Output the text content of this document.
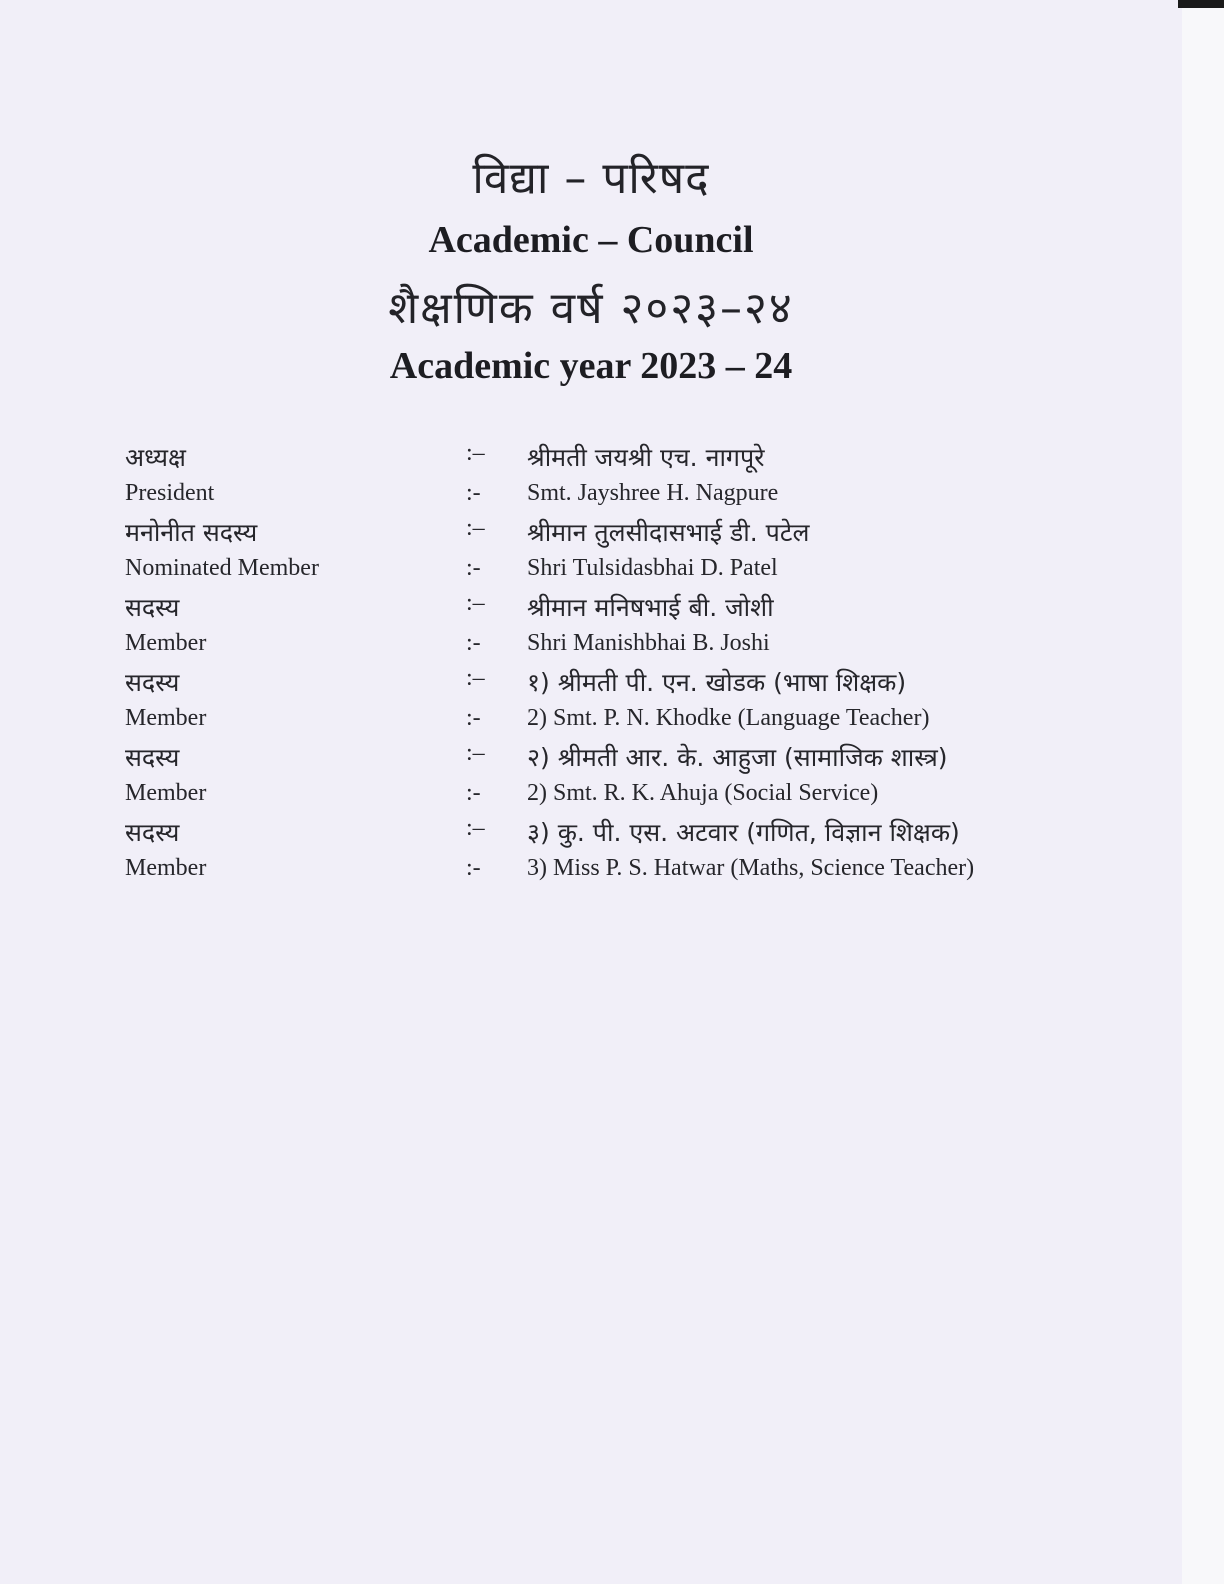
विद्या – परिषद
Academic – Council
शैक्षणिक वर्ष २०२३–२४
Academic year 2023 – 24
अध्यक्ष	:– श्रीमती जयश्री एच. नागपूरे
President	:- Smt. Jayshree H. Nagpure
मनोनीत सदस्य	:– श्रीमान तुलसीदासभाई डी. पटेल
Nominated Member	:- Shri Tulsidasbhai D. Patel
सदस्य	:– श्रीमान मनिषभाई बी. जोशी
Member	:- Shri Manishbhai B. Joshi
सदस्य	:– १) श्रीमती पी. एन. खोडक (भाषा शिक्षक)
Member	:- 2) Smt. P. N. Khodke (Language Teacher)
सदस्य	:– २) श्रीमती आर. के. आहुजा (सामाजिक शास्त्र)
Member	:- 2) Smt. R. K. Ahuja (Social Service)
सदस्य	:– ३) कु. पी. एस. अटवार (गणित, विज्ञान शिक्षक)
Member	:- 3) Miss P. S. Hatwar (Maths, Science Teacher)
